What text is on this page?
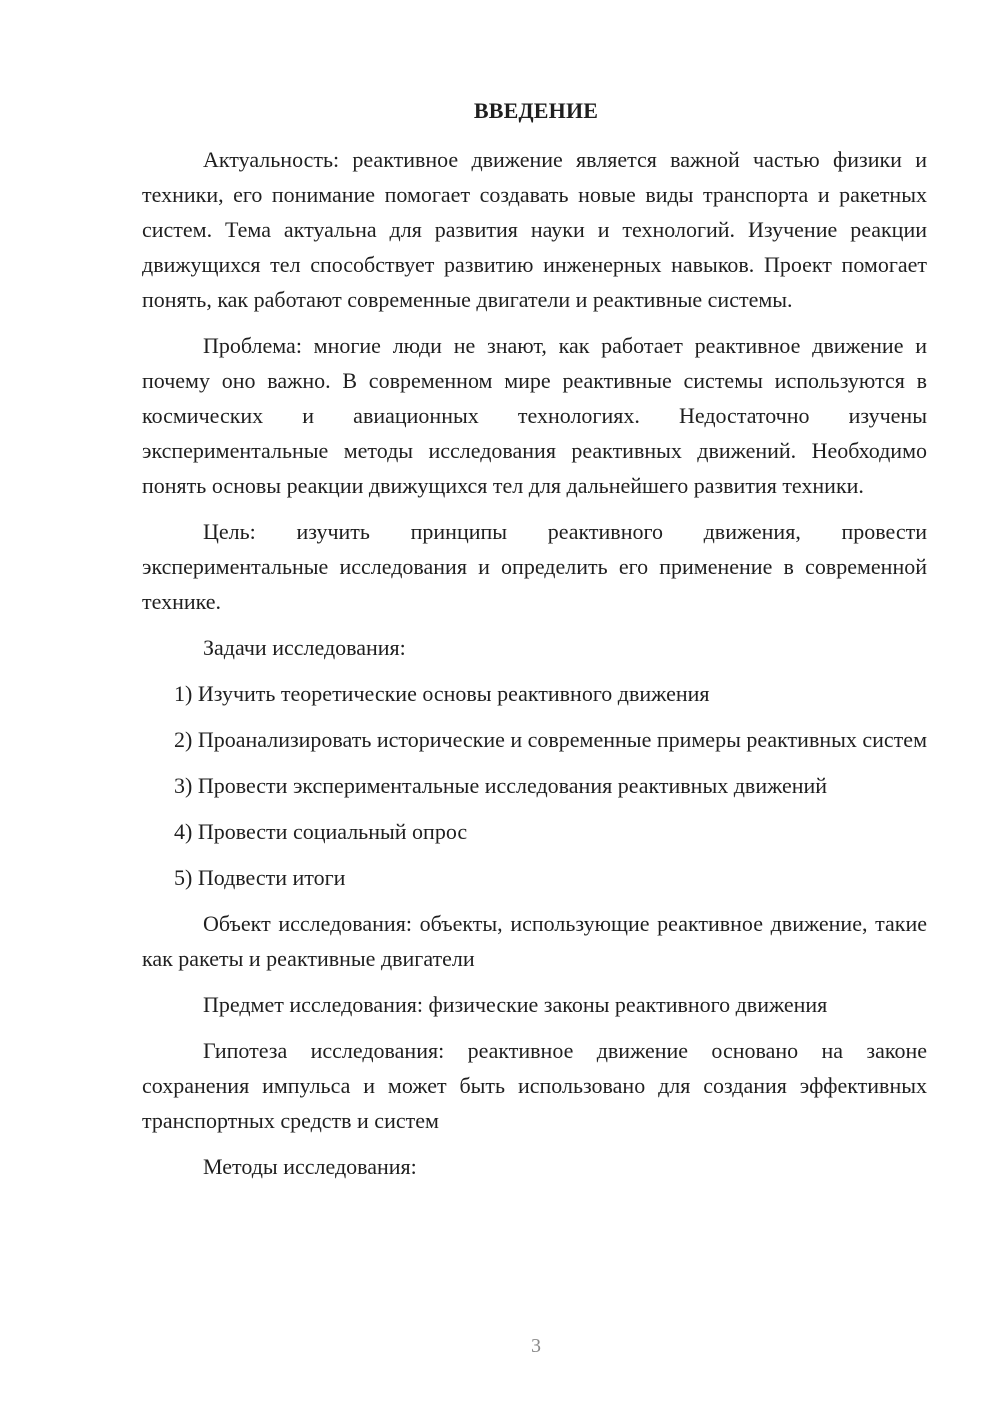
ВВЕДЕНИЕ

Актуальность: реактивное движение является важной частью физики и техники, его понимание помогает создавать новые виды транспорта и ракетных систем. Тема актуальна для развития науки и технологий. Изучение реакции движущихся тел способствует развитию инженерных навыков. Проект помогает понять, как работают современные двигатели и реактивные системы.

Проблема: многие люди не знают, как работает реактивное движение и почему оно важно. В современном мире реактивные системы используются в космических и авиационных технологиях. Недостаточно изучены экспериментальные методы исследования реактивных движений. Необходимо понять основы реакции движущихся тел для дальнейшего развития техники.

Цель: изучить принципы реактивного движения, провести экспериментальные исследования и определить его применение в современной технике.

Задачи исследования:

1) Изучить теоретические основы реактивного движения

2) Проанализировать исторические и современные примеры реактивных систем

3) Провести экспериментальные исследования реактивных движений

4) Провести социальный опрос

5) Подвести итоги

Объект исследования: объекты, использующие реактивное движение, такие как ракеты и реактивные двигатели

Предмет исследования: физические законы реактивного движения

Гипотеза исследования: реактивное движение основано на законе сохранения импульса и может быть использовано для создания эффективных транспортных средств и систем

Методы исследования:

3
